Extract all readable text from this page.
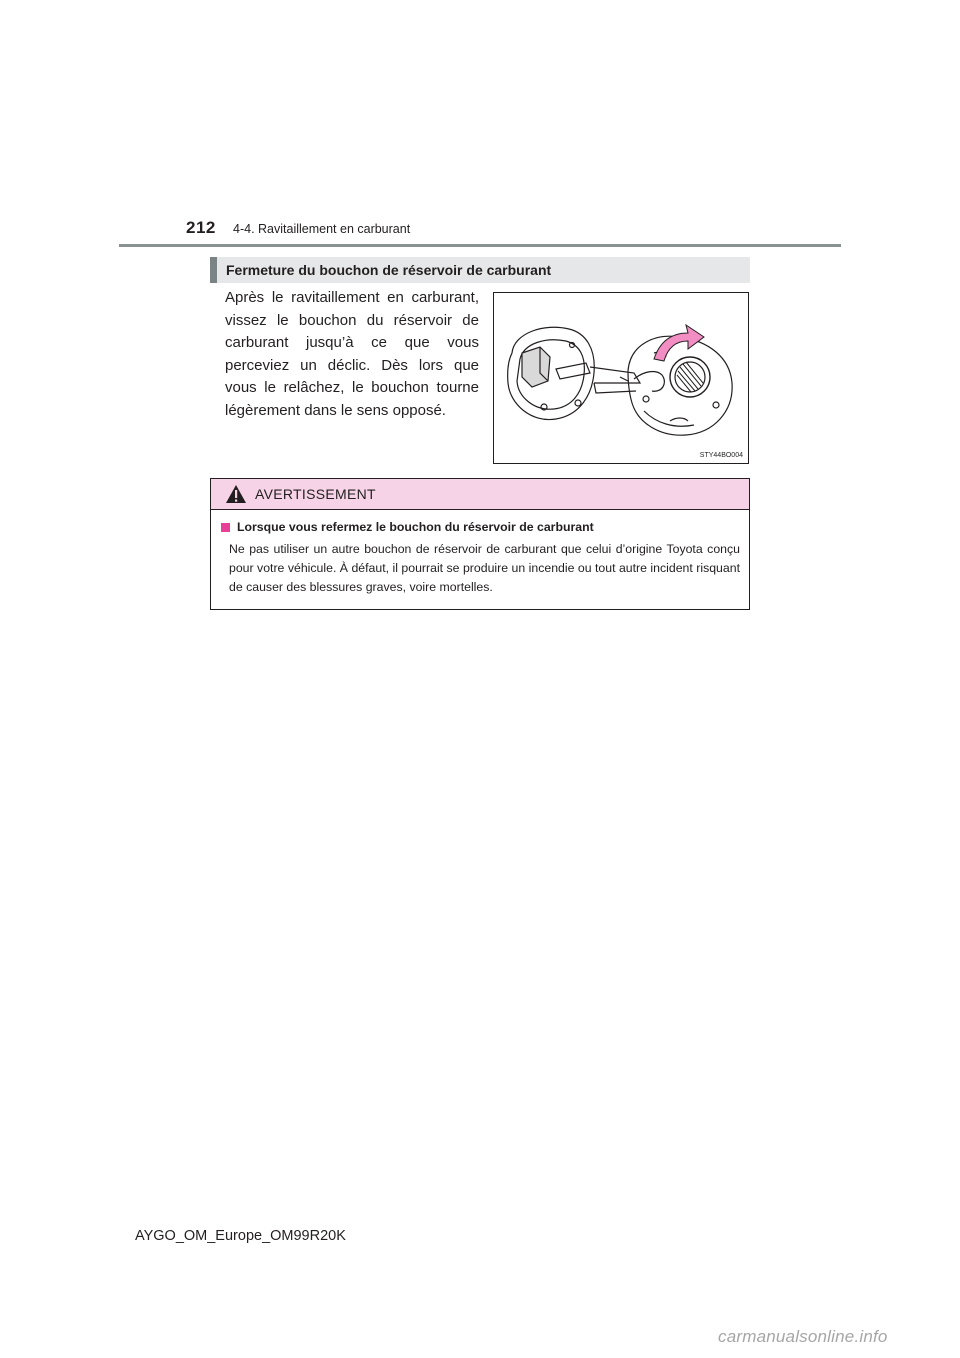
212 4-4. Ravitaillement en carburant
Fermeture du bouchon de réservoir de carburant
Après le ravitaillement en carburant, vissez le bouchon du réservoir de carburant jusqu’à ce que vous perceviez un déclic. Dès lors que vous le relâchez, le bouchon tourne légèrement dans le sens opposé.
STY44BO004
AVERTISSEMENT
Lorsque vous refermez le bouchon du réservoir de carburant
Ne pas utiliser un autre bouchon de réservoir de carburant que celui d’origine Toyota conçu pour votre véhicule. À défaut, il pourrait se produire un incendie ou tout autre incident risquant de causer des blessures graves, voire mortelles.
AYGO_OM_Europe_OM99R20K
carmanualsonline.info
